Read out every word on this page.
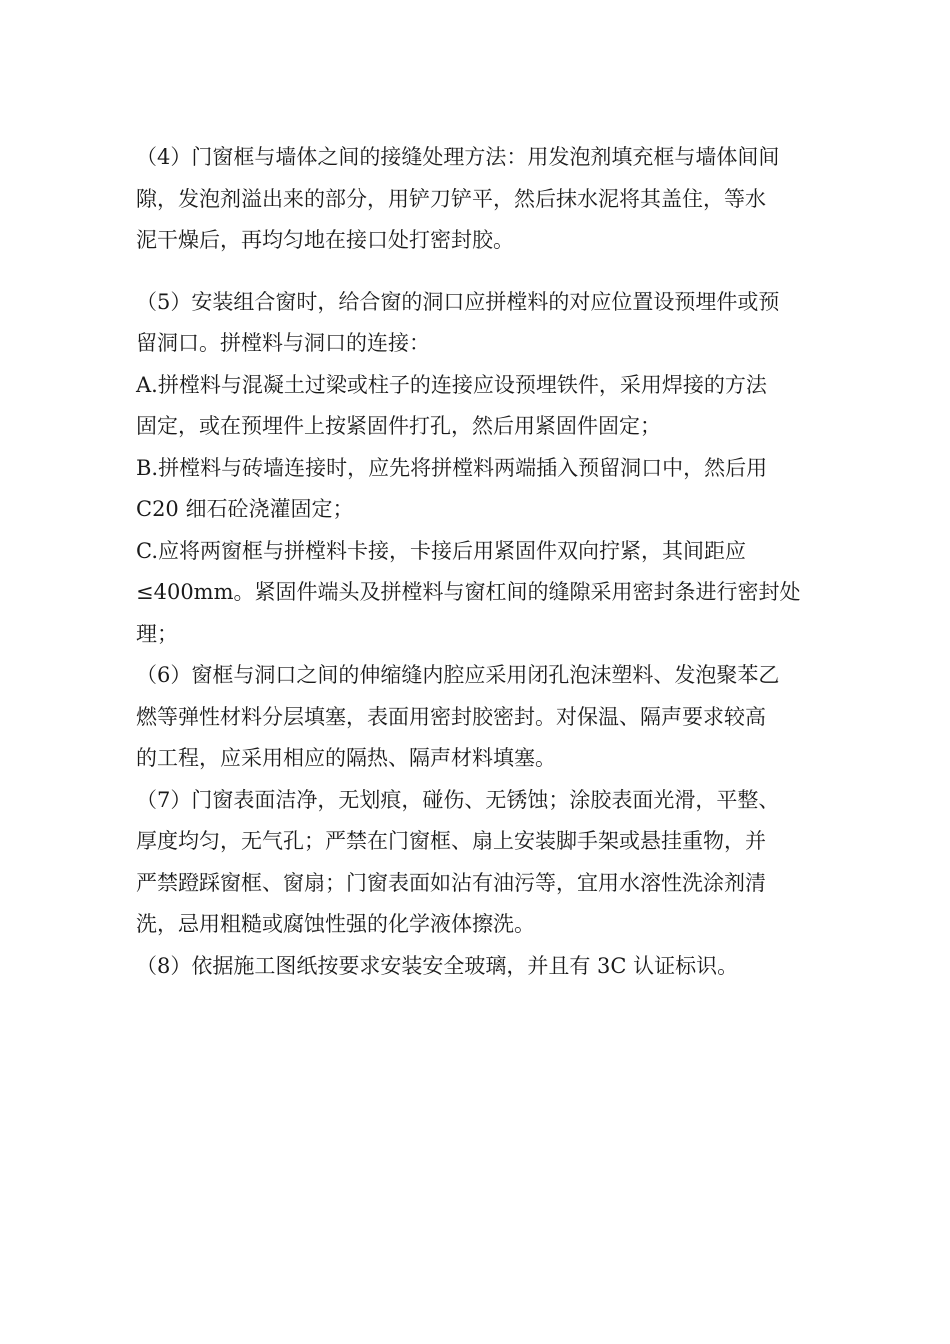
（4）门窗框与墙体之间的接缝处理方法：用发泡剂填充框与墙体间间
隙，发泡剂溢出来的部分，用铲刀铲平，然后抹水泥将其盖住，等水
泥干燥后，再均匀地在接口处打密封胶。

（5）安装组合窗时，给合窗的洞口应拼樘料的对应位置设预埋件或预
留洞口。拼樘料与洞口的连接：

A.拼樘料与混凝土过梁或柱子的连接应设预埋铁件，采用焊接的方法
固定，或在预埋件上按紧固件打孔，然后用紧固件固定；

B.拼樘料与砖墙连接时，应先将拼樘料两端插入预留洞口中，然后用
C20 细石砼浇灌固定；

C.应将两窗框与拼樘料卡接，卡接后用紧固件双向拧紧，其间距应
≤400mm。紧固件端头及拼樘料与窗杠间的缝隙采用密封条进行密封处
理；

（6）窗框与洞口之间的伸缩缝内腔应采用闭孔泡沫塑料、发泡聚苯乙
燃等弹性材料分层填塞，表面用密封胶密封。对保温、隔声要求较高
的工程，应采用相应的隔热、隔声材料填塞。

（7）门窗表面洁净，无划痕，碰伤、无锈蚀；涂胶表面光滑，平整、
厚度均匀，无气孔；严禁在门窗框、扇上安装脚手架或悬挂重物，并
严禁蹬踩窗框、窗扇；门窗表面如沾有油污等，宜用水溶性洗涂剂清
洗，忌用粗糙或腐蚀性强的化学液体擦洗。

（8）依据施工图纸按要求安装安全玻璃，并且有 3C 认证标识。
